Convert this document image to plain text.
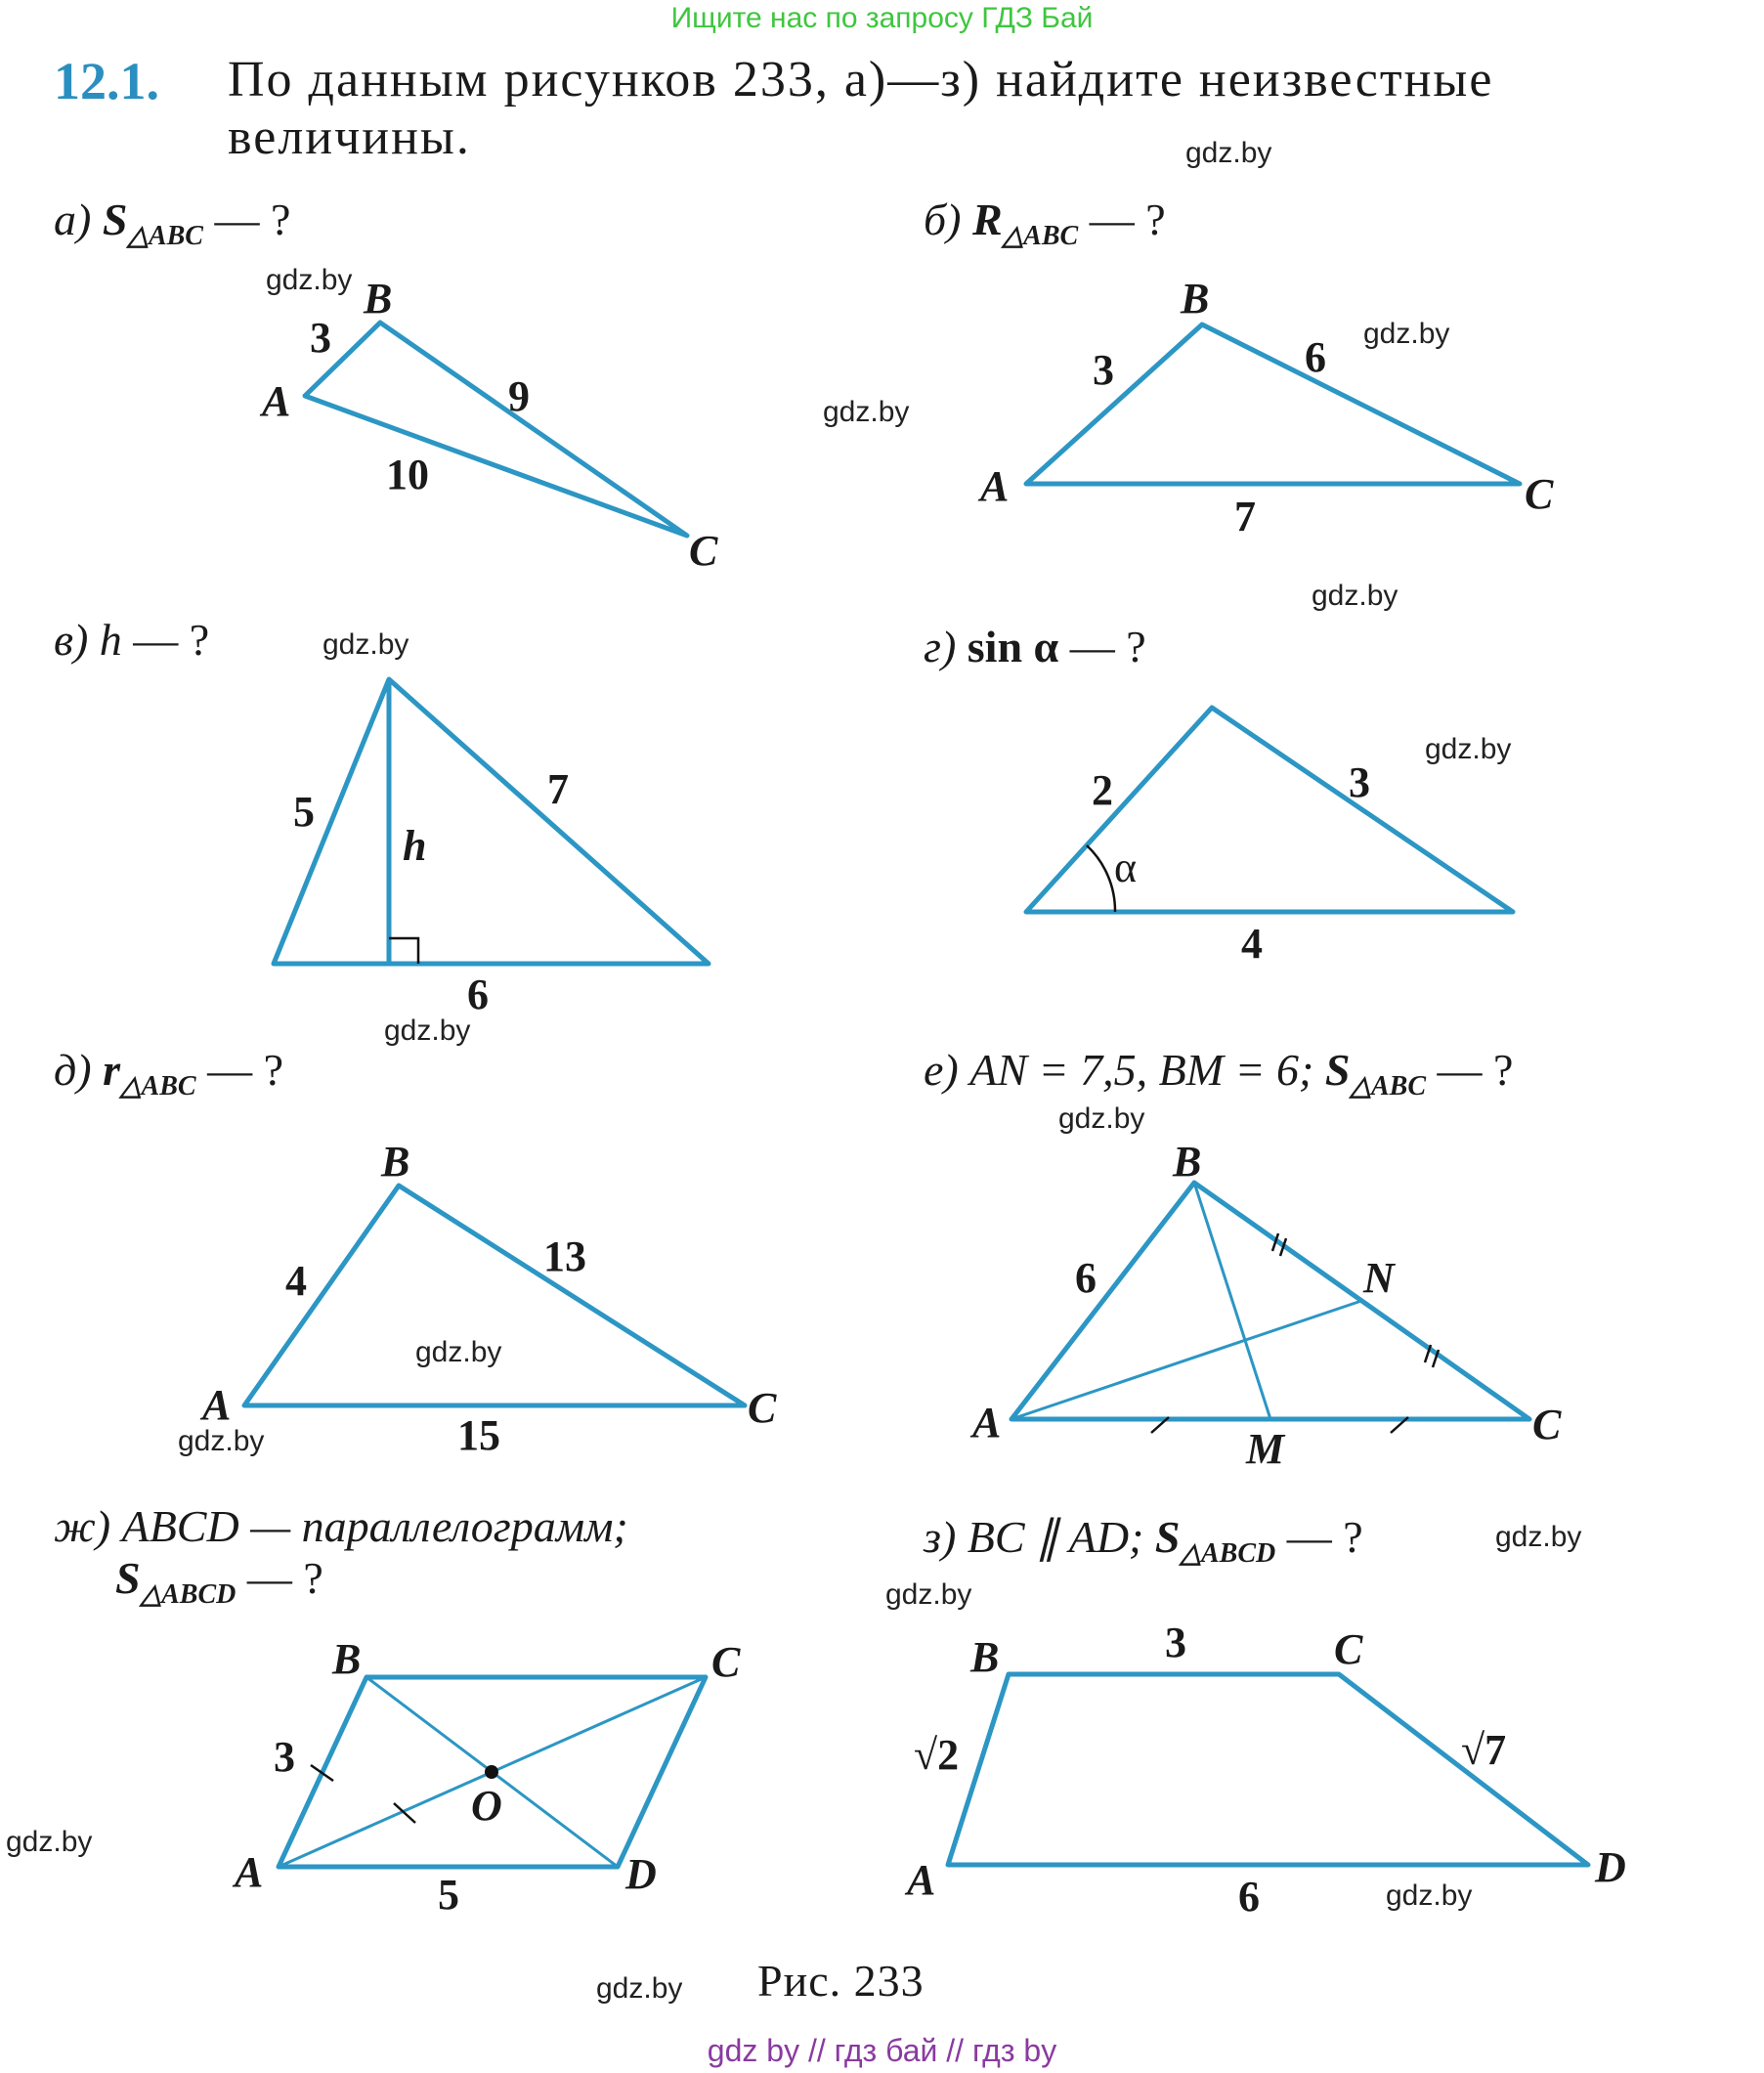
Ищите нас по запросу ГДЗ Бай
12.1. По данным рисунков 233, а)—з) найдите неизвестные
величины.	gdz.by
gdz.by
gdz.by
gdz.by
gdz.by
gdz.by
gdz.by
gdz.by
gdz.by
gdz.by
gdz.by
gdz.by
gdz.by
gdz.by
gdz.by
gdz.by
а) $S_{\triangle ABC}$ — ?	б) $R_{\triangle ABC}$ — ?
в) h — ?	г) sin α — ?
д) $r_{\triangle ABC}$ — ?	е) AN = 7,5, BM = 6; $S_{\triangle ABC}$ — ?
ж) ABCD — параллелограмм;
$S_{\triangle ABCD}$ — ?
з) BC ∥ AD; $S_{\triangle ABCD}$ — ?
A
B
C
3
9
10	A
B
C
3	6
7
5	7
6
h
2	3
4
α
A
B
C
4
13
15	A
B
C
N
M
6
A
B	C
D
O
3
5	A
B	C
D
√2	√7
3
6
Рис. 233
gdz by // гдз бай // гдз by
